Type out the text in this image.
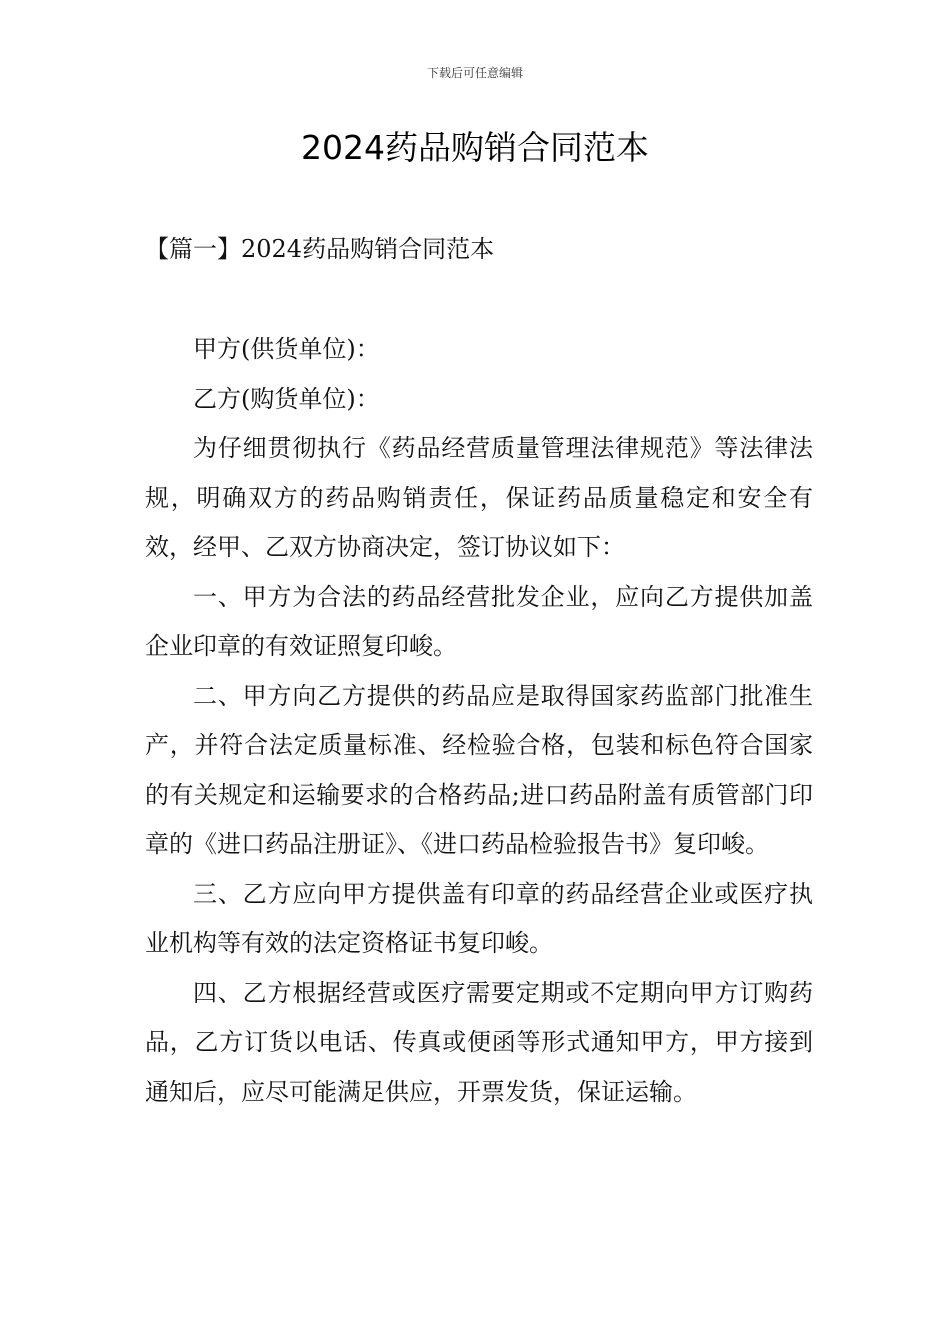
下载后可任意编辑
2024药品购销合同范本
【篇一】2024药品购销合同范本

甲方(供货单位)：

乙方(购货单位)：

为仔细贯彻执行《药品经营质量管理法律规范》等法律法规，明确双方的药品购销责任，保证药品质量稳定和安全有效，经甲、乙双方协商决定，签订协议如下：

一、甲方为合法的药品经营批发企业，应向乙方提供加盖企业印章的有效证照复印峻。

二、甲方向乙方提供的药品应是取得国家药监部门批准生产，并符合法定质量标准、经检验合格，包装和标色符合国家的有关规定和运输要求的合格药品;进口药品附盖有质管部门印章的《进口药品注册证》、《进口药品检验报告书》复印峻。

三、乙方应向甲方提供盖有印章的药品经营企业或医疗执业机构等有效的法定资格证书复印峻。

四、乙方根据经营或医疗需要定期或不定期向甲方订购药品，乙方订货以电话、传真或便函等形式通知甲方，甲方接到通知后，应尽可能满足供应，开票发货，保证运输。
